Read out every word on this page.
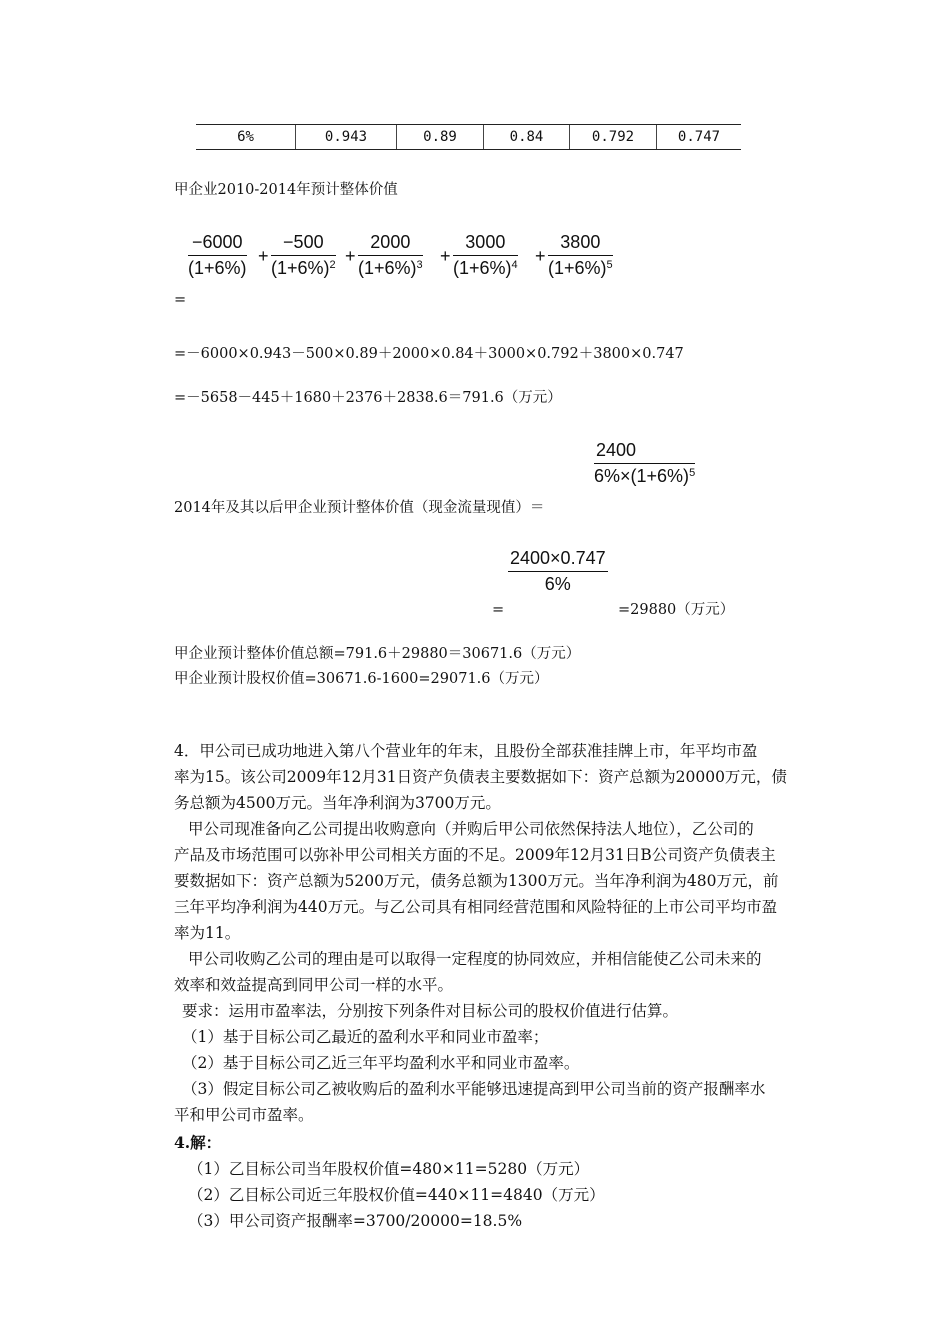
6%	0.943	0.89	0.84	0.792	0.747
甲企业2010-2014年预计整体价值
−6000
(1+6%)
+
−500
$(1+6\%)^2$ +
2000
$(1+6\%)^3$ +
3000
$(1+6\%)^4$ +
3800
$(1+6\%)^5$
=
=－6000×0.943－500×0.89＋2000×0.84＋3000×0.792＋3800×0.747
=－5658－445＋1680＋2376＋2838.6＝791.6（万元）
2400
$6\%\times(1+6\%)^5$
2014年及其以后甲企业预计整体价值（现金流量现值）＝
2400×0.747
6%
=	=29880（万元）
甲企业预计整体价值总额=791.6＋29880＝30671.6（万元）
甲企业预计股权价值=30671.6-1600=29071.6（万元）
4．甲公司已成功地进入第八个营业年的年末，且股份全部获准挂牌上市，年平均市盈
率为15。该公司2009年12月31日资产负债表主要数据如下：资产总额为20000万元，债
务总额为4500万元。当年净利润为3700万元。
甲公司现准备向乙公司提出收购意向（并购后甲公司依然保持法人地位），乙公司的
产品及市场范围可以弥补甲公司相关方面的不足。2009年12月31日B公司资产负债表主
要数据如下：资产总额为5200万元，债务总额为1300万元。当年净利润为480万元，前
三年平均净利润为440万元。与乙公司具有相同经营范围和风险特征的上市公司平均市盈
率为11。
甲公司收购乙公司的理由是可以取得一定程度的协同效应，并相信能使乙公司未来的
效率和效益提高到同甲公司一样的水平。
要求：运用市盈率法，分别按下列条件对目标公司的股权价值进行估算。
（1）基于目标公司乙最近的盈利水平和同业市盈率；
（2）基于目标公司乙近三年平均盈利水平和同业市盈率。
（3）假定目标公司乙被收购后的盈利水平能够迅速提高到甲公司当前的资产报酬率水
平和甲公司市盈率。
4.解：
（1）乙目标公司当年股权价值=480×11=5280（万元）
（2）乙目标公司近三年股权价值=440×11=4840（万元）
（3）甲公司资产报酬率=3700/20000=18.5%
